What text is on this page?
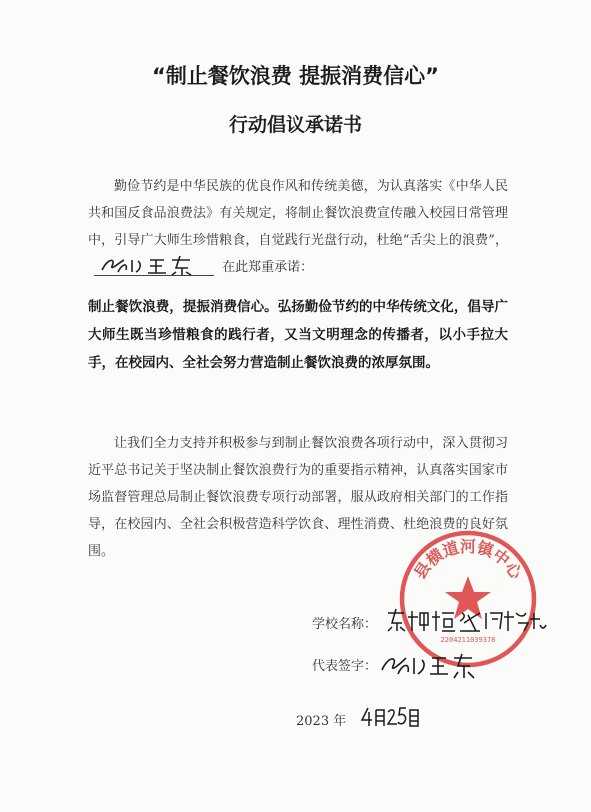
“制止餐饮浪费 提振消费信心”
行动倡议承诺书
勤俭节约是中华民族的优良作风和传统美德，为认真落实《中华人民共和国反食品浪费法》有关规定，将制止餐饮浪费宣传融入校园日常管理中，引导广大师生珍惜粮食，自觉践行光盘行动，杜绝“舌尖上的浪费”，
在此郑重承诺：
制止餐饮浪费，提振消费信心。弘扬勤俭节约的中华传统文化，倡导广大师生既当珍惜粮食的践行者，又当文明理念的传播者，以小手拉大手，在校园内、全社会努力营造制止餐饮浪费的浓厚氛围。
让我们全力支持并积极参与到制止餐饮浪费各项行动中，深入贯彻习近平总书记关于坚决制止餐饮浪费行为的重要指示精神，认真落实国家市场监督管理总局制止餐饮浪费专项行动部署，服从政府相关部门的工作指导，在校园内、全社会积极营造科学饮食、理性消费、杜绝浪费的良好氛围。
县横道河镇中心
2204211039378
学校名称：
代表签字：
2023 年
